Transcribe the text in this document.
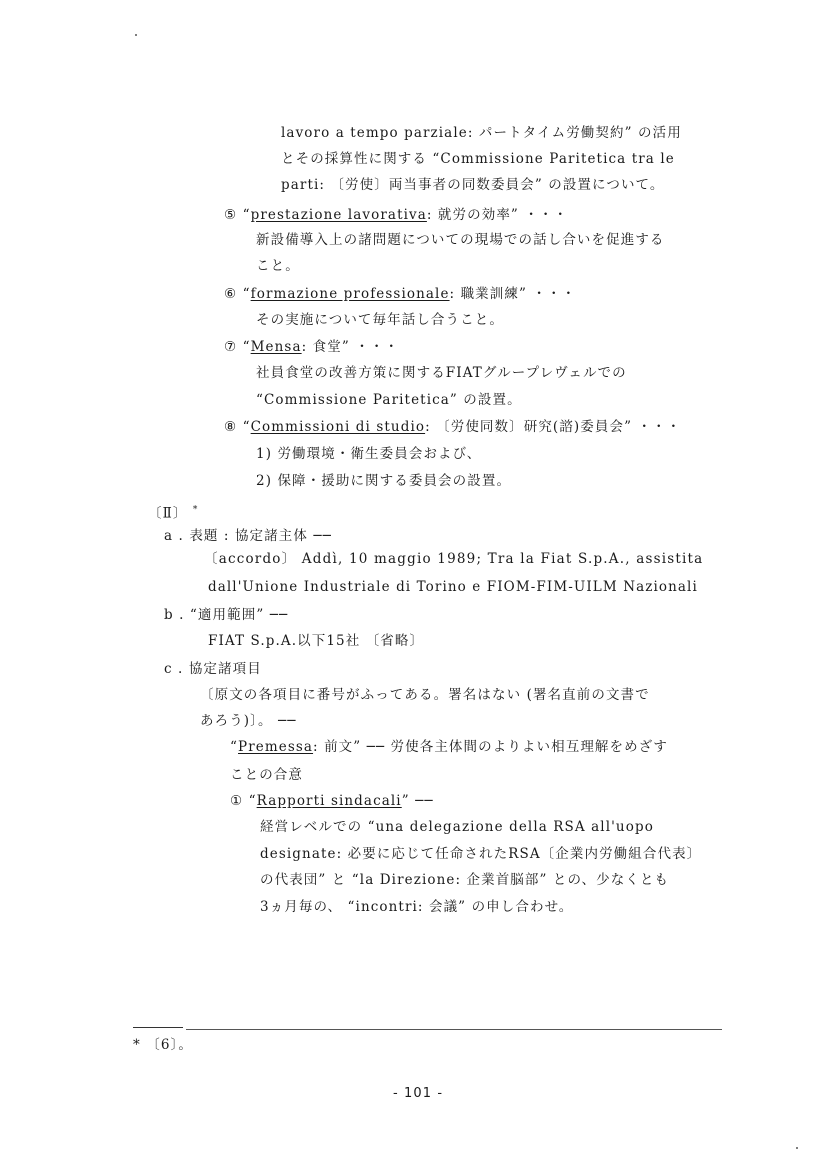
lavoro a tempo parziale: パートタイム労働契約” の活用
とその採算性に関する “Commissione Paritetica tra le
parti: 〔労使〕両当事者の同数委員会” の設置について。
⑤ “prestazione lavorativa: 就労の効率” ・・・
新設備導入上の諸問題についての現場での話し合いを促進する
こと。
⑥ “formazione professionale: 職業訓練” ・・・
その実施について毎年話し合うこと。
⑦ “Mensa: 食堂” ・・・
社員食堂の改善方策に関するFIATグループレヴェルでの
“Commissione Paritetica” の設置。
⑧ “Commissioni di studio: 〔労使同数〕研究(諮)委員会” ・・・
1) 労働環境・衛生委員会および、
2) 保障・援助に関する委員会の設置。
〔Ⅱ〕 *
a . 表題 : 協定諸主体 ──
〔accordo〕 Addì, 10 maggio 1989; Tra la Fiat S.p.A., assistita
dall'Unione Industriale di Torino e FIOM-FIM-UILM Nazionali
b . “適用範囲” ──
FIAT S.p.A.以下15社 〔省略〕
c . 協定諸項目
〔原文の各項目に番号がふってある。署名はない (署名直前の文書で
あろう)〕。 ──
“Premessa: 前文” ── 労使各主体間のよりよい相互理解をめざす
ことの合意
① “Rapporti sindacali” ──
経営レベルでの “una delegazione della RSA all'uopo
designate: 必要に応じて任命されたRSA〔企業内労働組合代表〕
の代表団” と “la Direzione: 企業首脳部” との、少なくとも
3ヵ月毎の、 “incontri: 会議” の申し合わせ。
* 〔6〕。
- 101 -
